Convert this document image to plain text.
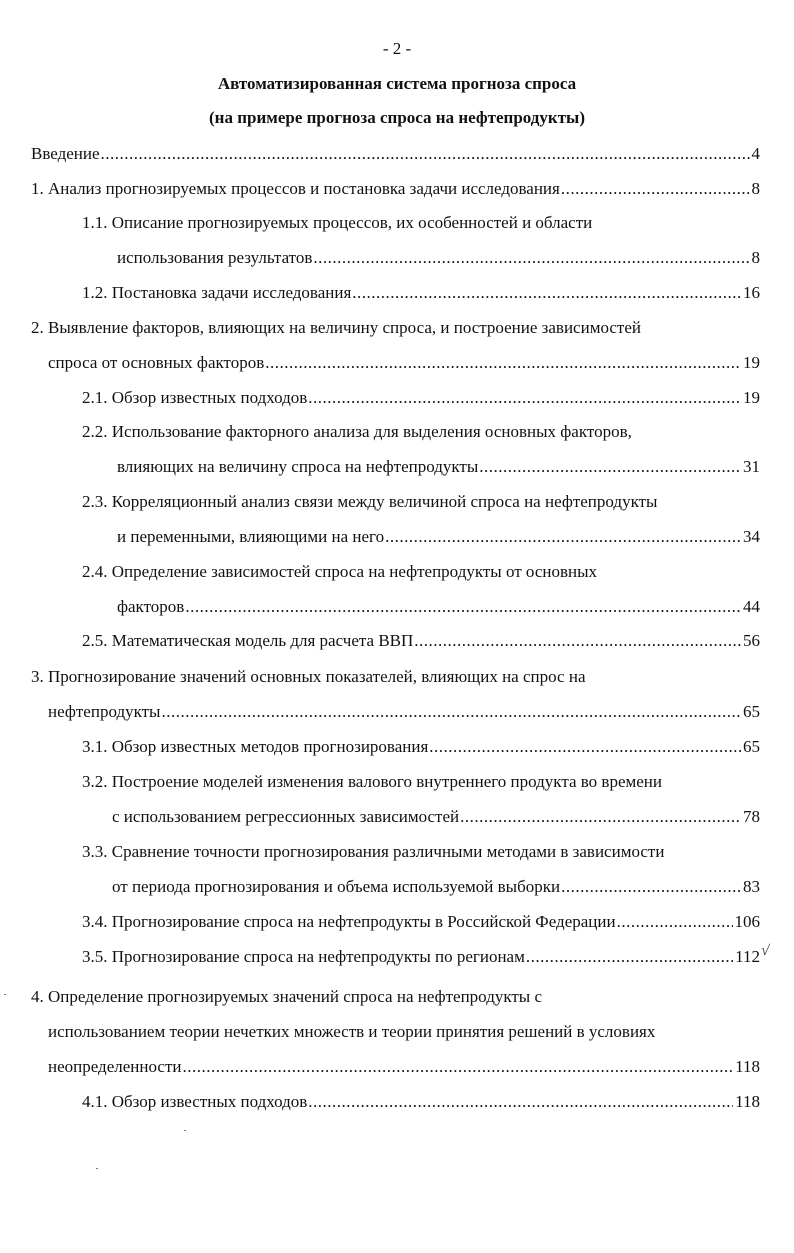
- 2 -
Автоматизированная система прогноза спроса
(на примере прогноза спроса на нефтепродукты)
Введение .....	4
1. Анализ прогнозируемых процессов и постановка задачи исследования .....	8
1.1. Описание прогнозируемых процессов, их особенностей и области
использования результатов .....	8
1.2. Постановка задачи исследования .....	16
2. Выявление факторов, влияющих на величину спроса, и построение зависимостей
спроса от основных факторов .....	19
2.1. Обзор известных подходов .....	19
2.2. Использование факторного анализа для выделения основных факторов,
влияющих на величину спроса на нефтепродукты .....	31
2.3. Корреляционный анализ связи между величиной спроса на нефтепродукты
и переменными, влияющими на него .....	34
2.4. Определение зависимостей спроса на нефтепродукты от основных
факторов .....	44
2.5. Математическая модель для расчета ВВП .....	56
3. Прогнозирование значений основных показателей, влияющих на спрос на
нефтепродукты .....	65
3.1. Обзор известных методов прогнозирования .....	65
3.2. Построение моделей изменения валового внутреннего продукта во времени
с использованием регрессионных зависимостей .....	78
3.3. Сравнение точности прогнозирования различными методами в зависимости
от периода прогнозирования и объема используемой выборки .....	83
3.4. Прогнозирование спроса на нефтепродукты в Российской Федерации .....	106
3.5. Прогнозирование спроса на нефтепродукты по регионам .....	112 √
4. Определение прогнозируемых значений спроса на нефтепродукты с
использованием теории нечетких множеств и теории принятия решений в условиях
неопределенности .....	118
4.1. Обзор известных подходов .....	118
